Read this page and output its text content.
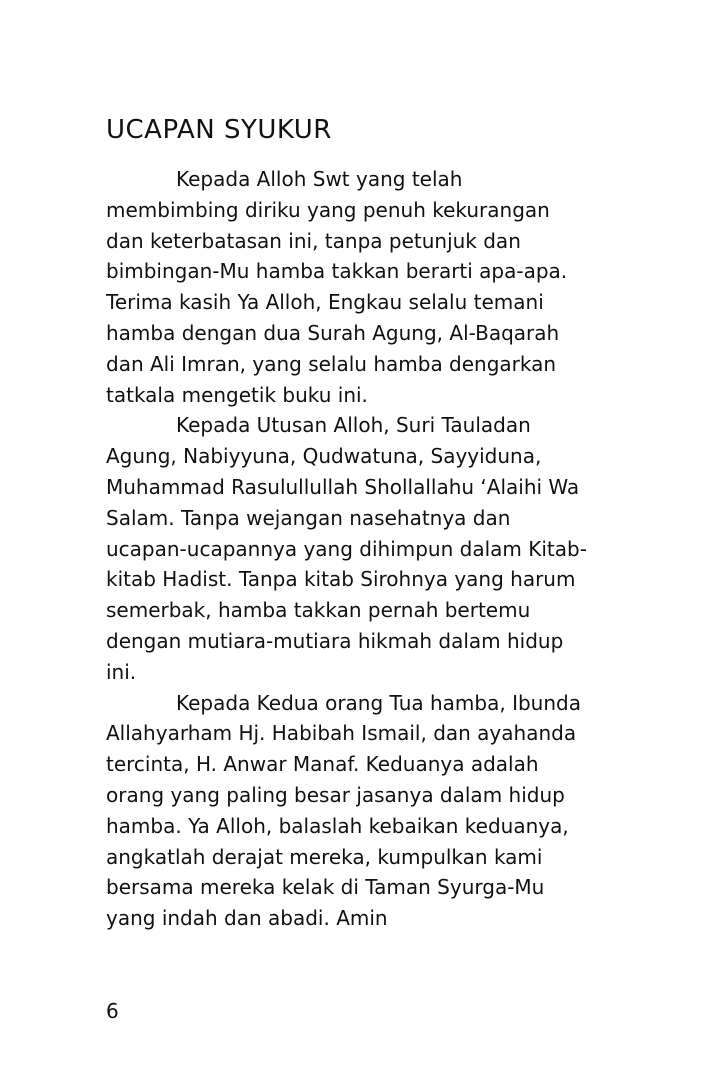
UCAPAN SYUKUR
Kepada Alloh Swt yang telah
membimbing diriku yang penuh kekurangan
dan keterbatasan ini, tanpa petunjuk dan
bimbingan-Mu hamba takkan berarti apa-apa.
Terima kasih Ya Alloh, Engkau selalu temani
hamba dengan dua Surah Agung, Al-Baqarah
dan Ali Imran, yang selalu hamba dengarkan
tatkala mengetik buku ini.
Kepada Utusan Alloh, Suri Tauladan
Agung, Nabiyyuna, Qudwatuna, Sayyiduna,
Muhammad Rasulullullah Shollallahu ‘Alaihi Wa
Salam. Tanpa wejangan nasehatnya dan
ucapan-ucapannya yang dihimpun dalam Kitab-
kitab Hadist. Tanpa kitab Sirohnya yang harum
semerbak, hamba takkan pernah bertemu
dengan mutiara-mutiara hikmah dalam hidup
ini.
Kepada Kedua orang Tua hamba, Ibunda
Allahyarham Hj. Habibah Ismail, dan ayahanda
tercinta, H. Anwar Manaf. Keduanya adalah
orang yang paling besar jasanya dalam hidup
hamba. Ya Alloh, balaslah kebaikan keduanya,
angkatlah derajat mereka, kumpulkan kami
bersama mereka kelak di Taman Syurga-Mu
yang indah dan abadi. Amin
6
